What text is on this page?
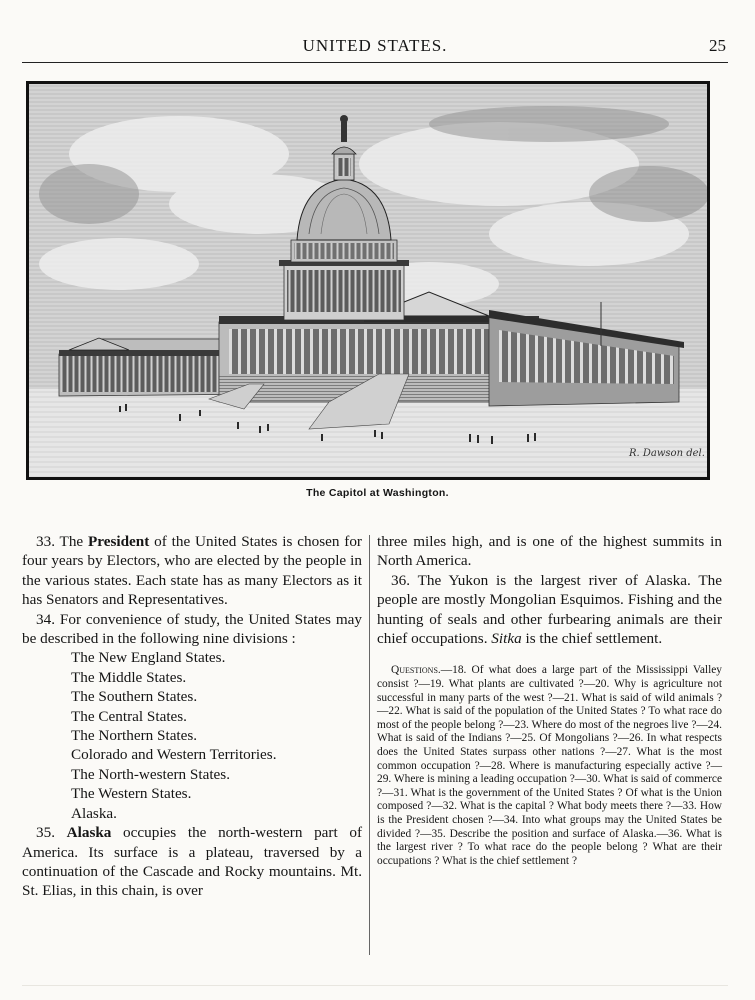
UNITED STATES.	25
R. Dawson del.
The Capitol at Washington.

33. The President of the United States is chosen for four years by Electors, who are elected by the people in the various states. Each state has as many Electors as it has Senators and Representatives.

34. For convenience of study, the United States may be described in the following nine divisions :

The New England States.
The Middle States.
The Southern States.
The Central States.
The Northern States.
Colorado and Western Territories.
The North-western States.
The Western States.
Alaska.

35. Alaska occupies the north-western part of America. Its surface is a plateau, traversed by a continuation of the Cascade and Rocky mountains. Mt. St. Elias, in this chain, is over

three miles high, and is one of the highest summits in North America.

36. The Yukon is the largest river of Alaska. The people are mostly Mongolian Esquimos. Fishing and the hunting of seals and other furbearing animals are their chief occupations. Sitka is the chief settlement.

Questions.—18. Of what does a large part of the Mississippi Valley consist ?—19. What plants are cultivated ?—20. Why is agriculture not successful in many parts of the west ?—21. What is said of wild animals ?—22. What is said of the population of the United States ? To what race do most of the people belong ?—23. Where do most of the negroes live ?—24. What is said of the Indians ?—25. Of Mongolians ?—26. In what respects does the United States surpass other nations ?—27. What is the most common occupation ?—28. Where is manufacturing especially active ?—29. Where is mining a leading occupation ?—30. What is said of commerce ?—31. What is the government of the United States ? Of what is the Union composed ?—32. What is the capital ? What body meets there ?—33. How is the President chosen ?—34. Into what groups may the United States be divided ?—35. Describe the position and surface of Alaska.—36. What is the largest river ? To what race do the people belong ? What are their occupations ? What is the chief settlement ?
